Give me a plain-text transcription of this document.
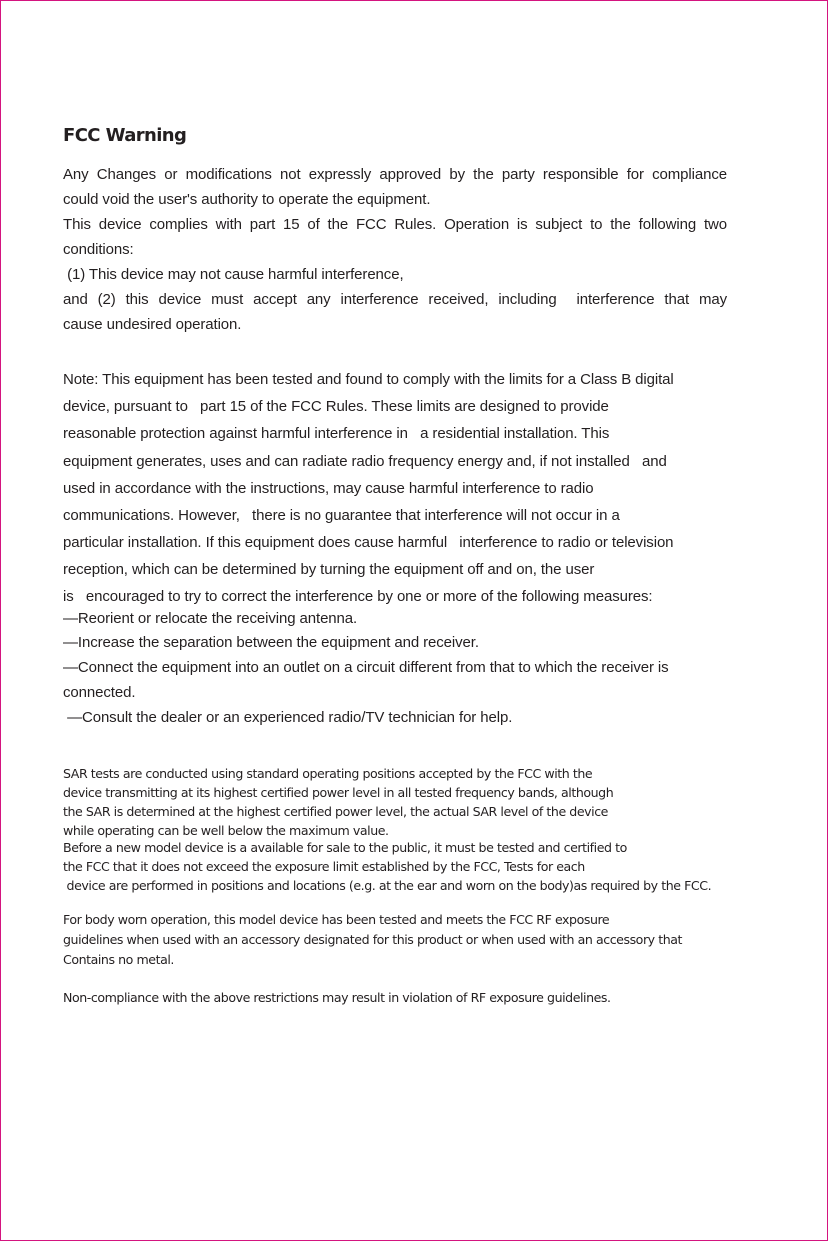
FCC Warning
Any Changes or modifications not expressly approved by the party responsible for compliance
could void the user's authority to operate the equipment.
This device complies with part 15 of the FCC Rules. Operation is subject to the following two
conditions:
(1) This device may not cause harmful interference,
and (2) this device must accept any interference received, including  interference that may
cause undesired operation.
Note: This equipment has been tested and found to comply with the limits for a Class B digital
device, pursuant to   part 15 of the FCC Rules. These limits are designed to provide
reasonable protection against harmful interference in   a residential installation. This
equipment generates, uses and can radiate radio frequency energy and, if not installed   and
used in accordance with the instructions, may cause harmful interference to radio
communications. However,   there is no guarantee that interference will not occur in a
particular installation. If this equipment does cause harmful   interference to radio or television
reception, which can be determined by turning the equipment off and on, the user
is   encouraged to try to correct the interference by one or more of the following measures:
—Reorient or relocate the receiving antenna.
—Increase the separation between the equipment and receiver.
—Connect the equipment into an outlet on a circuit different from that to which the receiver is
connected.
—Consult the dealer or an experienced radio/TV technician for help.
SAR tests are conducted using standard operating positions accepted by the FCC with the
device transmitting at its highest certified power level in all tested frequency bands, although
the SAR is determined at the highest certified power level, the actual SAR level of the device
while operating can be well below the maximum value.
Before a new model device is a available for sale to the public, it must be tested and certified to
the FCC that it does not exceed the exposure limit established by the FCC, Tests for each
device are performed in positions and locations (e.g. at the ear and worn on the body)as required by the FCC.
For body worn operation, this model device has been tested and meets the FCC RF exposure
guidelines when used with an accessory designated for this product or when used with an accessory that
Contains no metal.
Non-compliance with the above restrictions may result in violation of RF exposure guidelines.
